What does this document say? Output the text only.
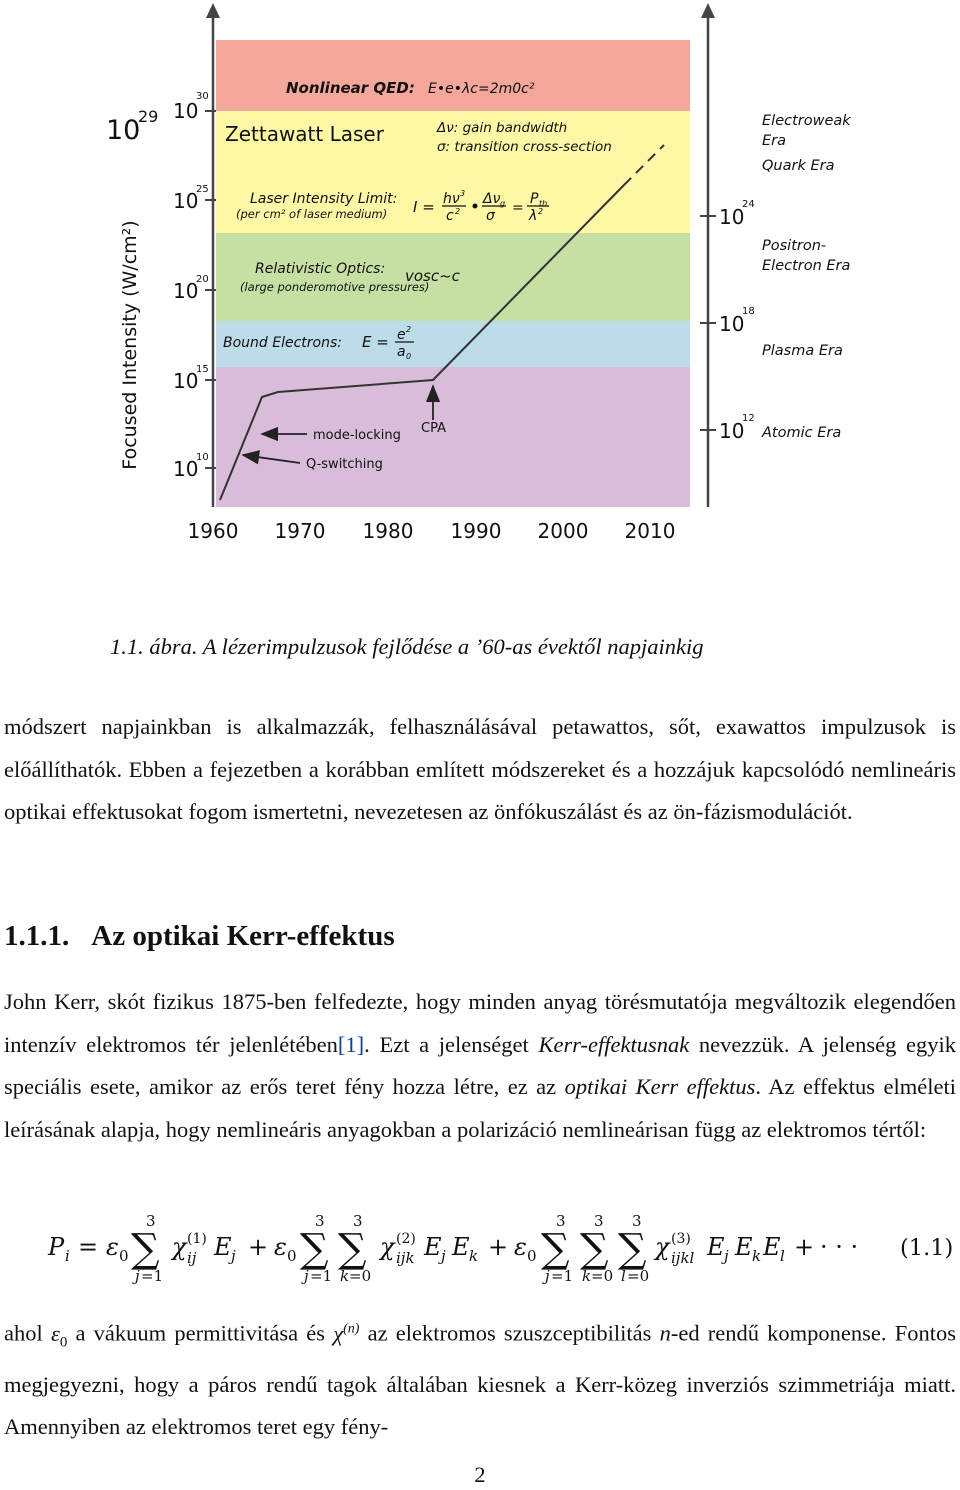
Focused Intensity (W/cm²)
10
29 10
30
10
25
10
20
10
15
10
10
10
24
10
18
10
12
Electroweak
Era
Quark Era
Positron-
Electron Era
Plasma Era
Atomic Era
1960 1970 1980 1990 2000 2010
Nonlinear QED: E•e•λc=2m0c²
Zettawatt Laser	Δν: gain bandwidth
σ: transition cross-section
Laser Intensity Limit:
(per cm² of laser medium) I =
Relativistic Optics:
(large ponderomotive pressures)
vosc~c
Bound Electrons: E =
mode-locking
Q-switching
CPA
hν 3
c 2
Δν g
σ =
P th
λ 2
e 2
a 0
1.1. ábra. A lézerimpulzusok fejlődése a ’60-as évektől napjainkig

módszert napjainkban is alkalmazzák, felhasználásával petawattos, sőt, exawattos impulzusok is előállíthatók. Ebben a fejezetben a korábban említett módszereket és a hozzájuk kapcsolódó nemlineáris optikai effektusokat fogom ismertetni, nevezetesen az önfókuszálást és az ön-fázismodulációt.

1.1.1. Az optikai Kerr-effektus

John Kerr, skót fizikus 1875-ben felfedezte, hogy minden anyag törésmutatója megváltozik elegendően intenzív elektromos tér jelenlétében[1]. Ezt a jelenséget Kerr-effektusnak nevezzük. A jelenség egyik speciális esete, amikor az erős teret fény hozza létre, ez az optikai Kerr effektus. Az effektus elméleti leírásának alapja, hogy nemlineáris anyagokban a polarizáció nemlineárisan függ az elektromos tértől:

P i = ε 0 ∑
3
j =1
χ (1)
ij E j + ε 0 ∑
3
j =1
∑
3
k =0
χ (2)
ijk E j E k + ε 0 ∑
3
j =1
∑
3
k =0
∑
3
l =0
χ (3)
ijkl E j E k E l + · · · (1.1)

ahol $\varepsilon_0$ a vákuum permittivitása és $\chi^{(n)}$ az elektromos szuszceptibilitás n-ed rendű komponense. Fontos megjegyezni, hogy a páros rendű tagok általában kiesnek a Kerr-közeg inverziós szimmetriája miatt. Amennyiben az elektromos teret egy fény-

2
